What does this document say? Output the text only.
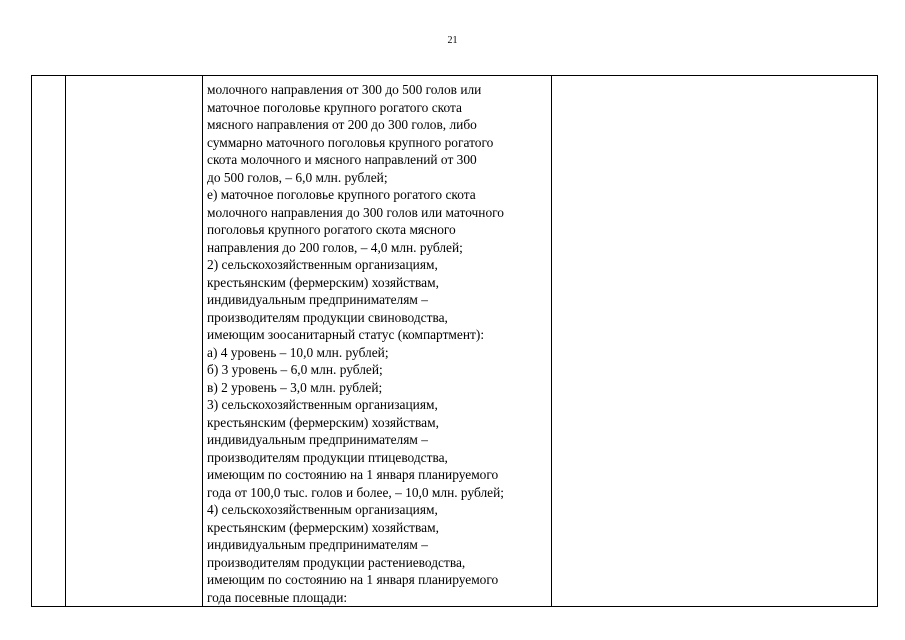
21

молочного направления от 300 до 500 голов или
маточное поголовье крупного рогатого скота
мясного направления от 200 до 300 голов, либо
суммарно маточного поголовья крупного рогатого
скота молочного и мясного направлений от 300
до 500 голов, – 6,0 млн. рублей;
е) маточное поголовье крупного рогатого скота
молочного направления до 300 голов или маточного
поголовья крупного рогатого скота мясного
направления до 200 голов, – 4,0 млн. рублей;
2) сельскохозяйственным организациям,
крестьянским (фермерским) хозяйствам,
индивидуальным предпринимателям –
производителям продукции свиноводства,
имеющим зоосанитарный статус (компартмент):
а) 4 уровень – 10,0 млн. рублей;
б) 3 уровень – 6,0 млн. рублей;
в) 2 уровень – 3,0 млн. рублей;
3) сельскохозяйственным организациям,
крестьянским (фермерским) хозяйствам,
индивидуальным предпринимателям –
производителям продукции птицеводства,
имеющим по состоянию на 1 января планируемого
года от 100,0 тыс. голов и более, – 10,0 млн. рублей;
4) сельскохозяйственным организациям,
крестьянским (фермерским) хозяйствам,
индивидуальным предпринимателям –
производителям продукции растениеводства,
имеющим по состоянию на 1 января планируемого
года посевные площади:
